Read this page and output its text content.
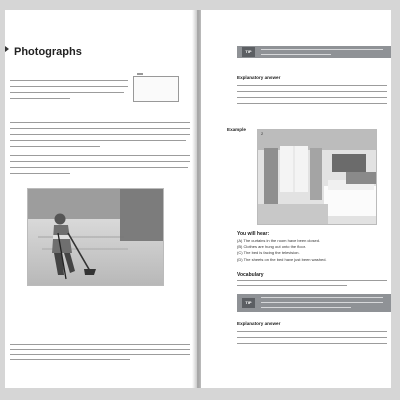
Photographs	TIP
Explanatory answer
Example
2
You will hear:
(A) The curtains in the room have been closed.
(B) Clothes are hung out onto the floor.
(C) The bed is facing the television.
(D) The sheets on the bed have just been washed.
Vocabulary
TIP
Explanatory answer
